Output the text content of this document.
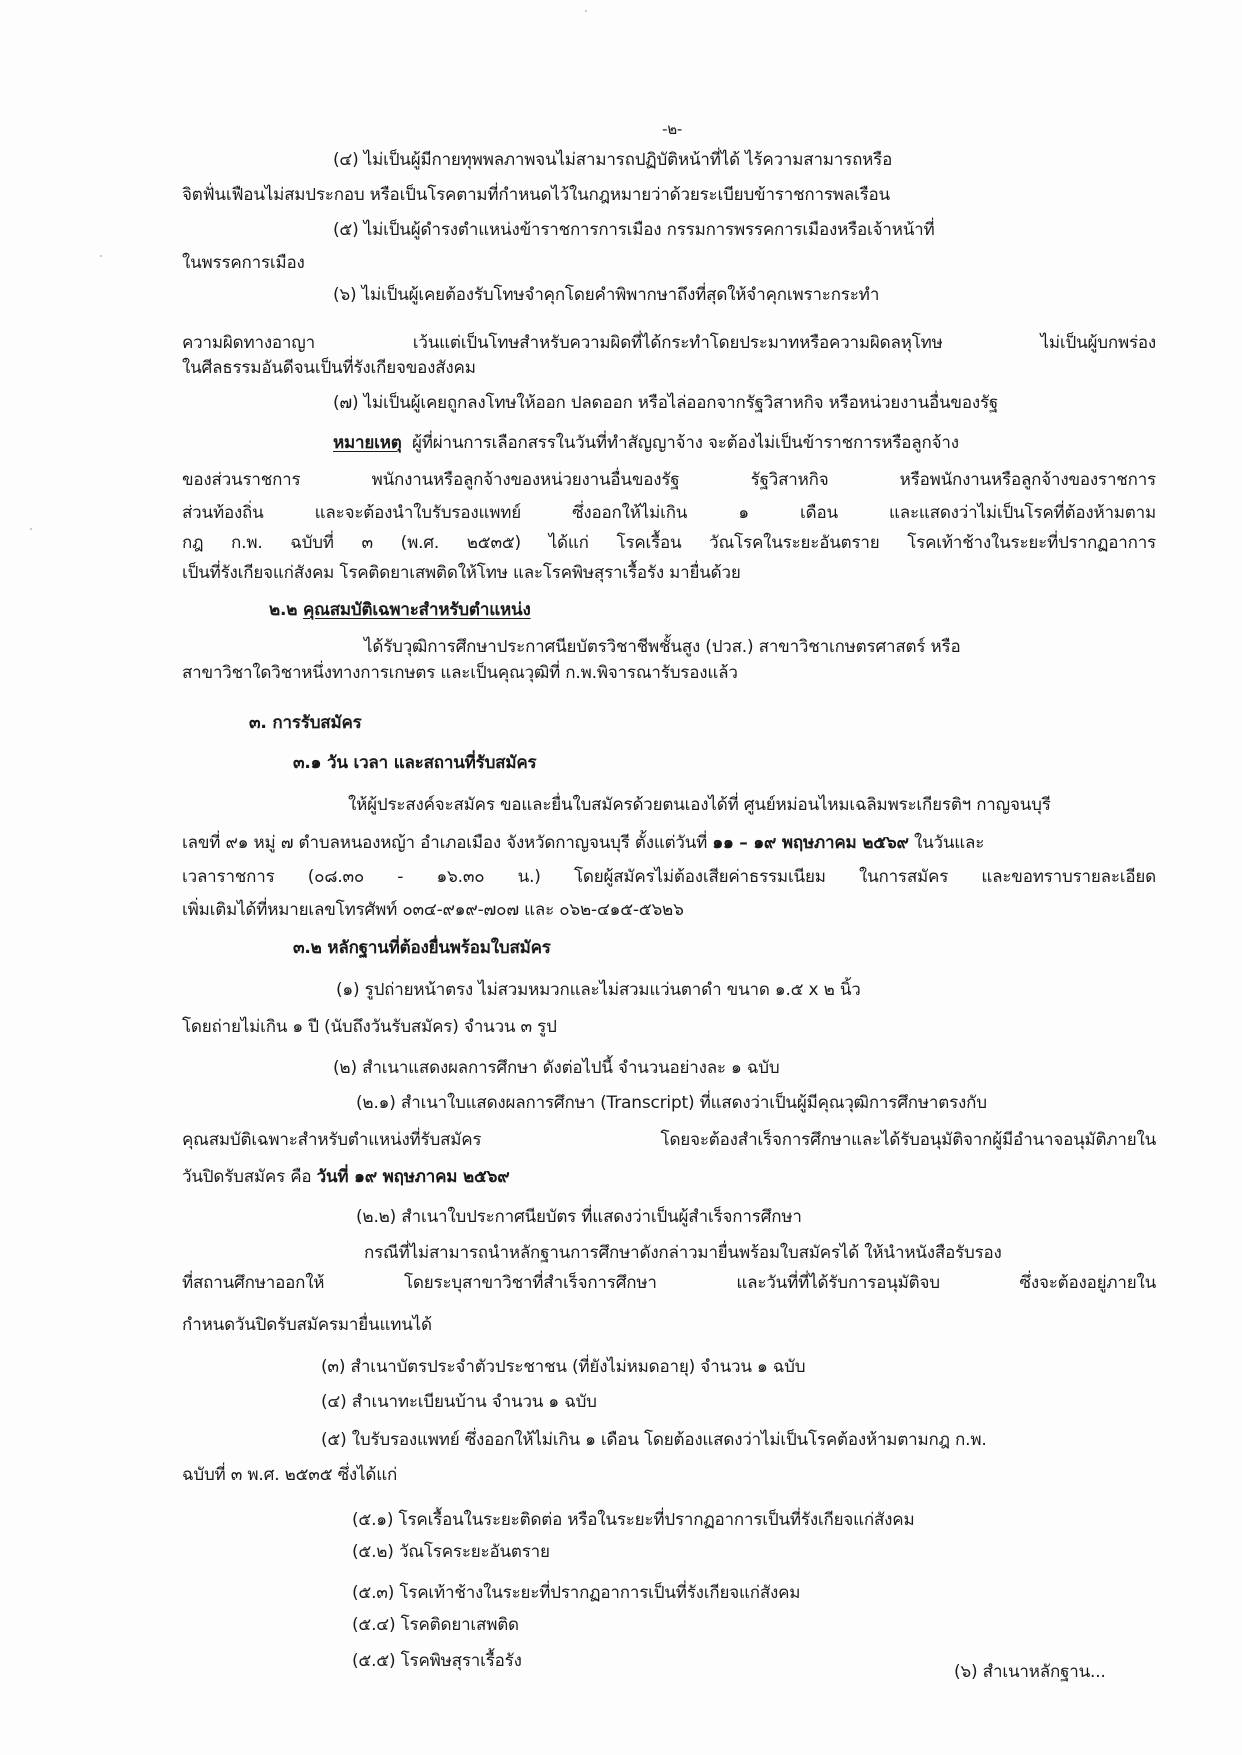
-๒-
(๔) ไม่เป็นผู้มีกายทุพพลภาพจนไม่สามารถปฏิบัติหน้าที่ได้ ไร้ความสามารถหรือ
จิตฟั่นเฟือนไม่สมประกอบ หรือเป็นโรคตามที่กำหนดไว้ในกฎหมายว่าด้วยระเบียบข้าราชการพลเรือน
(๕) ไม่เป็นผู้ดำรงตำแหน่งข้าราชการการเมือง กรรมการพรรคการเมืองหรือเจ้าหน้าที่
ในพรรคการเมือง
(๖) ไม่เป็นผู้เคยต้องรับโทษจำคุกโดยคำพิพากษาถึงที่สุดให้จำคุกเพราะกระทำ
ความผิดทางอาญา เว้นแต่เป็นโทษสำหรับความผิดที่ได้กระทำโดยประมาทหรือความผิดลหุโทษ ไม่เป็นผู้บกพร่อง
ในศีลธรรมอันดีจนเป็นที่รังเกียจของสังคม
(๗) ไม่เป็นผู้เคยถูกลงโทษให้ออก ปลดออก หรือไล่ออกจากรัฐวิสาหกิจ หรือหน่วยงานอื่นของรัฐ
หมายเหตุ ผู้ที่ผ่านการเลือกสรรในวันที่ทำสัญญาจ้าง จะต้องไม่เป็นข้าราชการหรือลูกจ้าง
ของส่วนราชการ พนักงานหรือลูกจ้างของหน่วยงานอื่นของรัฐ รัฐวิสาหกิจ หรือพนักงานหรือลูกจ้างของราชการ
ส่วนท้องถิ่น และจะต้องนำใบรับรองแพทย์ ซึ่งออกให้ไม่เกิน ๑ เดือน และแสดงว่าไม่เป็นโรคที่ต้องห้ามตาม
กฎ ก.พ. ฉบับที่ ๓ (พ.ศ. ๒๕๓๕) ได้แก่ โรคเรื้อน วัณโรคในระยะอันตราย โรคเท้าช้างในระยะที่ปรากฏอาการ
เป็นที่รังเกียจแก่สังคม โรคติดยาเสพติดให้โทษ และโรคพิษสุราเรื้อรัง มายื่นด้วย
๒.๒ คุณสมบัติเฉพาะสำหรับตำแหน่ง
ได้รับวุฒิการศึกษาประกาศนียบัตรวิชาชีพชั้นสูง (ปวส.) สาขาวิชาเกษตรศาสตร์ หรือ
สาขาวิชาใดวิชาหนึ่งทางการเกษตร และเป็นคุณวุฒิที่ ก.พ.พิจารณารับรองแล้ว
๓. การรับสมัคร
๓.๑ วัน เวลา และสถานที่รับสมัคร
ให้ผู้ประสงค์จะสมัคร ขอและยื่นใบสมัครด้วยตนเองได้ที่ ศูนย์หม่อนไหมเฉลิมพระเกียรติฯ กาญจนบุรี
เลขที่ ๙๑ หมู่ ๗ ตำบลหนองหญ้า อำเภอเมือง จังหวัดกาญจนบุรี ตั้งแต่วันที่ ๑๑ – ๑๙ พฤษภาคม ๒๕๖๙ ในวันและ
เวลาราชการ (๐๘.๓๐ - ๑๖.๓๐ น.) โดยผู้สมัครไม่ต้องเสียค่าธรรมเนียม ในการสมัคร และขอทราบรายละเอียด
เพิ่มเติมได้ที่หมายเลขโทรศัพท์ ๐๓๔-๙๑๙-๗๐๗ และ ๐๖๒-๔๑๕-๕๖๒๖
๓.๒ หลักฐานที่ต้องยื่นพร้อมใบสมัคร
(๑) รูปถ่ายหน้าตรง ไม่สวมหมวกและไม่สวมแว่นตาดำ ขนาด ๑.๕ x ๒ นิ้ว
โดยถ่ายไม่เกิน ๑ ปี (นับถึงวันรับสมัคร) จำนวน ๓ รูป
(๒) สำเนาแสดงผลการศึกษา ดังต่อไปนี้ จำนวนอย่างละ ๑ ฉบับ
(๒.๑) สำเนาใบแสดงผลการศึกษา (Transcript) ที่แสดงว่าเป็นผู้มีคุณวุฒิการศึกษาตรงกับ
คุณสมบัติเฉพาะสำหรับตำแหน่งที่รับสมัคร โดยจะต้องสำเร็จการศึกษาและได้รับอนุมัติจากผู้มีอำนาจอนุมัติภายใน
วันปิดรับสมัคร คือ วันที่ ๑๙ พฤษภาคม ๒๕๖๙
(๒.๒) สำเนาใบประกาศนียบัตร ที่แสดงว่าเป็นผู้สำเร็จการศึกษา
กรณีที่ไม่สามารถนำหลักฐานการศึกษาดังกล่าวมายื่นพร้อมใบสมัครได้ ให้นำหนังสือรับรอง
ที่สถานศึกษาออกให้ โดยระบุสาขาวิชาที่สำเร็จการศึกษา และวันที่ที่ได้รับการอนุมัติจบ ซึ่งจะต้องอยู่ภายใน
กำหนดวันปิดรับสมัครมายื่นแทนได้
(๓) สำเนาบัตรประจำตัวประชาชน (ที่ยังไม่หมดอายุ) จำนวน ๑ ฉบับ
(๔) สำเนาทะเบียนบ้าน จำนวน ๑ ฉบับ
(๕) ใบรับรองแพทย์ ซึ่งออกให้ไม่เกิน ๑ เดือน โดยต้องแสดงว่าไม่เป็นโรคต้องห้ามตามกฎ ก.พ.
ฉบับที่ ๓ พ.ศ. ๒๕๓๕ ซึ่งได้แก่
(๕.๑) โรคเรื้อนในระยะติดต่อ หรือในระยะที่ปรากฏอาการเป็นที่รังเกียจแก่สังคม
(๕.๒) วัณโรคระยะอันตราย
(๕.๓) โรคเท้าช้างในระยะที่ปรากฏอาการเป็นที่รังเกียจแก่สังคม
(๕.๔) โรคติดยาเสพติด
(๕.๕) โรคพิษสุราเรื้อรัง
(๖) สำเนาหลักฐาน...
